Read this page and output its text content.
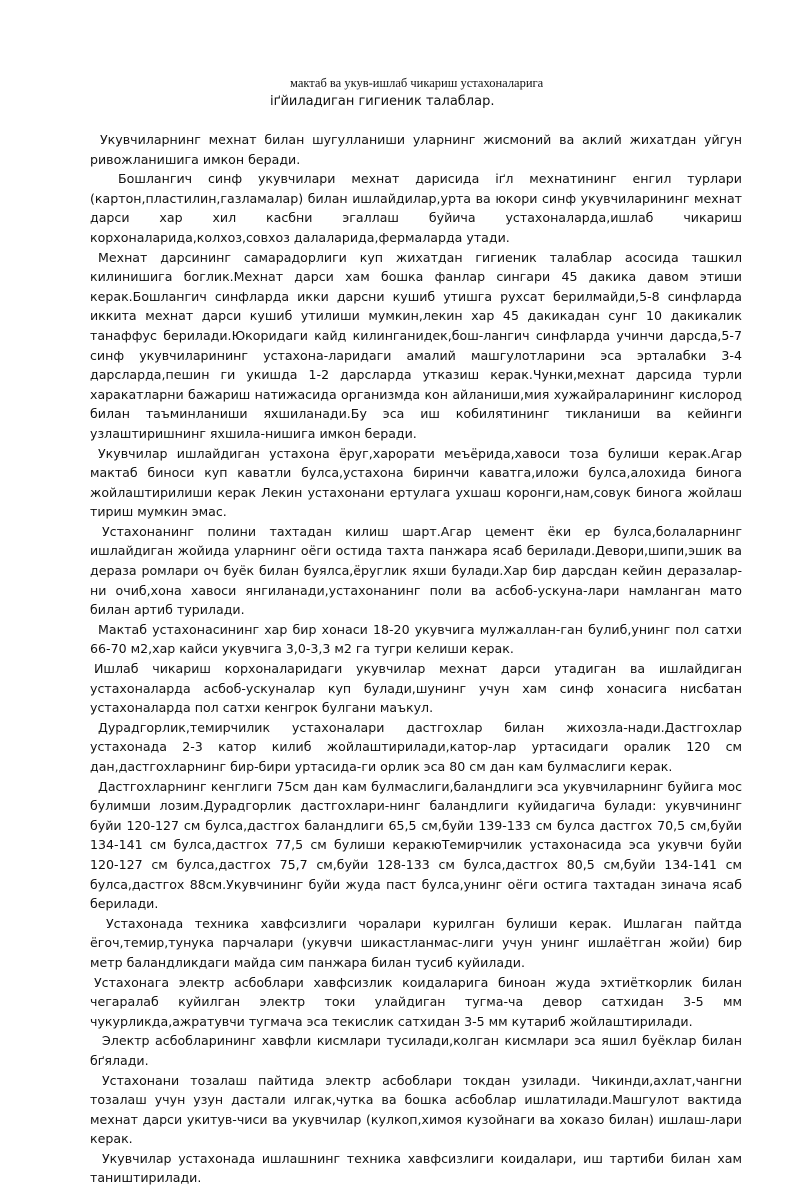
мактаб ва укув-ишлаб чикариш устахоналарига
iґйиладиган гигиеник талаблар.

Укувчиларнинг мехнат билан шугулланиши уларнинг жисмоний ва аклий жихатдан уйгун ривожланишига имкон беради.

Бошлангич синф укувчилари мехнат дарисида iґл мехнатининг енгил турлари (картон,пластилин,газламалар) билан ишлайдилар,урта ва юкори синф укувчиларининг мехнат дарси хар хил касбни эгаллаш буйича устахоналарда,ишлаб чикариш корхоналарида,колхоз,совхоз далаларида,фермаларда утади.

Мехнат дарсининг самарадорлиги куп жихатдан гигиеник талаблар асосида ташкил килинишига боглик.Мехнат дарси хам бошка фанлар сингари 45 дакика давом этиши керак.Бошлангич синфларда икки дарсни кушиб утишга рухсат берилмайди,5-8 синфларда иккита мехнат дарси кушиб утилиши мумкин,лекин хар 45 дакикадан сунг 10 дакикалик танаффус берилади.Юкоридаги кайд килинганидек,бош-лангич синфларда учинчи дарсда,5-7 синф укувчиларининг устахона-ларидаги амалий машгулотларини эса эрталабки 3-4 дарсларда,пешин ги укишда 1-2 дарсларда утказиш керак.Чунки,мехнат дарсида турли харакатларни бажариш натижасида организмда кон айланиши,мия хужайраларининг кислород билан таъминланиши яхшиланади.Бу эса иш кобилятининг тикланиши ва кейинги узлаштиришнинг яхшила-нишига имкон беради.

Укувчилар ишлайдиган устахона ёруг,харорати меъёрида,хавоси тоза булиши керак.Агар мактаб биноси куп каватли булса,устахона биринчи каватга,иложи булса,алохида бинога жойлаштирилиши керак Лекин устахонани ертулага ухшаш коронги,нам,совук бинога жойлаш тириш мумкин эмас.

Устахонанинг полини тахтадан килиш шарт.Агар цемент ёки ер булса,болаларнинг ишлайдиган жойида уларнинг оёги остида тахта панжара ясаб берилади.Девори,шипи,эшик ва дераза ромлари оч буёк билан буялса,ёруглик яхши булади.Хар бир дарсдан кейин деразалар-ни очиб,хона хавоси янгиланади,устахонанинг поли ва асбоб-ускуна-лари намланган мато билан артиб турилади.

Мактаб устахонасининг хар бир хонаси 18-20 укувчига мулжаллан-ган булиб,унинг пол сатхи 66-70 м2,хар кайси укувчига 3,0-3,3 м2 га тугри келиши керак.

Ишлаб чикариш корхоналаридаги укувчилар мехнат дарси утадиган ва ишлайдиган устахоналарда асбоб-ускуналар куп булади,шунинг учун хам синф хонасига нисбатан устахоналарда пол сатхи кенгрок булгани маъкул.

Дурадгорлик,темирчилик устахоналари дастгохлар билан жихозла-нади.Дастгохлар устахонада 2-3 катор килиб жойлаштирилади,катор-лар уртасидаги оралик 120 см дан,дастгохларнинг бир-бири уртасида-ги орлик эса 80 см дан кам булмаслиги керак.

Дастгохларнинг кенглиги 75см дан кам булмаслиги,баландлиги эса укувчиларнинг буйига мос булимши лозим.Дурадгорлик дастгохлари-нинг баландлиги куйидагича булади: укувчининг буйи 120-127 см булса,дастгох баландлиги 65,5 см,буйи 139-133 см булса дастгох 70,5 см,буйи 134-141 см булса,дастгох 77,5 см булиши керакюТемирчилик устахонасида эса укувчи буйи 120-127 см булса,дастгох 75,7 см,буйи 128-133 см булса,дастгох 80,5 см,буйи 134-141 см булса,дастгох 88см.Укувчининг буйи жуда паст булса,унинг оёги остига тахтадан зинача ясаб берилади.

Устахонада техника хавфсизлиги чоралари курилган булиши керак. Ишлаган пайтда ёгоч,темир,тунука парчалари (укувчи шикастланмас-лиги учун унинг ишлаётган жойи) бир метр баландликдаги майда сим панжара билан тусиб куйилади.

Устахонага электр асбоблари хавфсизлик коидаларига биноан жуда эхтиётко​рлик билан чегаралаб куйилган электр токи улайдиган тугма-ча девор сатхидан 3-5 мм чукурликда,ажратувчи тугмача эса текислик сатхидан 3-5 мм кутариб жойлаштирилади.

Электр асбобларининг хавфли кисмлари тусилади,колган кисмлари эса яшил буёклар билан бґялади.

Устахонани тозалаш пайтида электр асбоблари токдан узилади. Чикинди,ахлат,чангни тозалаш учун узун дастали илгак,чутка ва бошка асбоблар ишлатилади.Машгулот вактида мехнат дарси укитув-чиси ва укувчилар (кулкоп,химоя кузойнаги ва хоказо билан) ишлаш-лари керак.

Укувчилар устахонада ишлашнинг техника хавфсизлиги коидалари, иш тартиби билан хам таништирилади.
